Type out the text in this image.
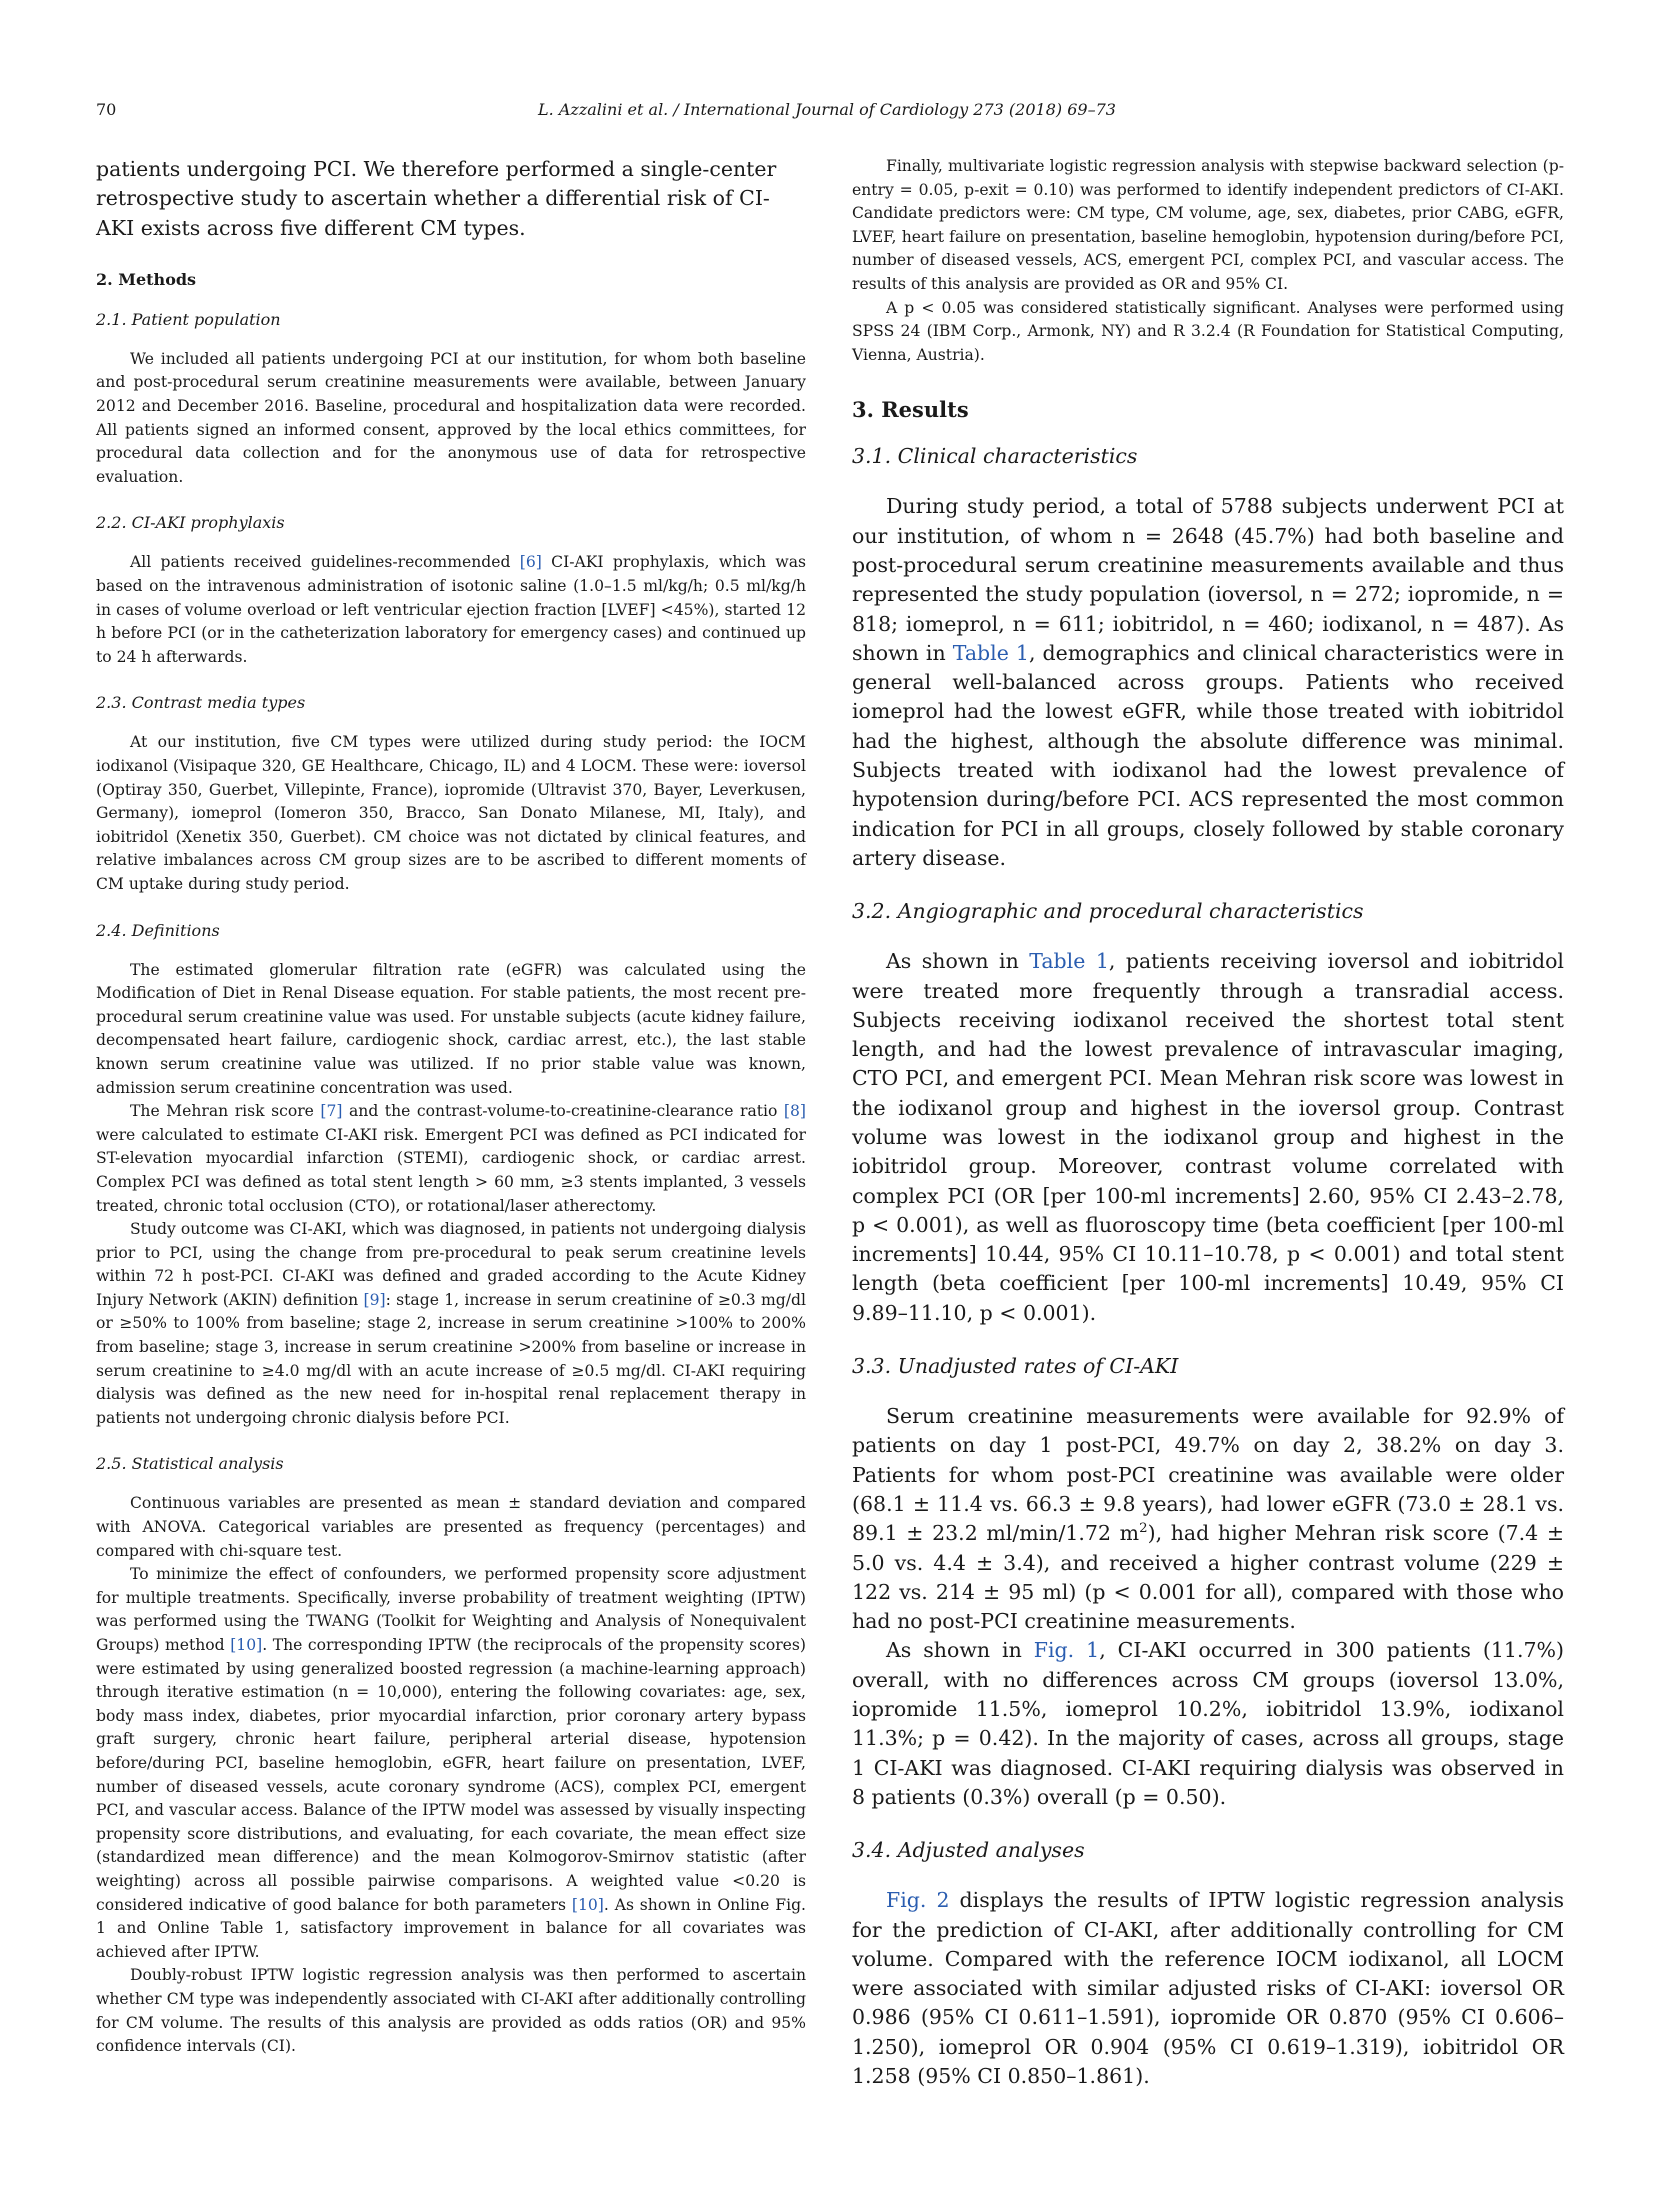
70	L. Azzalini et al. / International Journal of Cardiology 273 (2018) 69–73

patients undergoing PCI. We therefore performed a single-center retrospective study to ascertain whether a differential risk of CI-AKI exists across five different CM types.

2. Methods
2.1. Patient population

We included all patients undergoing PCI at our institution, for whom both baseline and post-procedural serum creatinine measurements were available, between January 2012 and December 2016. Baseline, procedural and hospitalization data were recorded. All patients signed an informed consent, approved by the local ethics committees, for procedural data collection and for the anonymous use of data for retrospective evaluation.

2.2. CI-AKI prophylaxis

All patients received guidelines-recommended [6] CI-AKI prophylaxis, which was based on the intravenous administration of isotonic saline (1.0–1.5 ml/kg/h; 0.5 ml/kg/h in cases of volume overload or left ventricular ejection fraction [LVEF] <45%), started 12 h before PCI (or in the catheterization laboratory for emergency cases) and continued up to 24 h afterwards.

2.3. Contrast media types

At our institution, five CM types were utilized during study period: the IOCM iodixanol (Visipaque 320, GE Healthcare, Chicago, IL) and 4 LOCM. These were: ioversol (Optiray 350, Guerbet, Villepinte, France), iopromide (Ultravist 370, Bayer, Leverkusen, Germany), iomeprol (Iomeron 350, Bracco, San Donato Milanese, MI, Italy), and iobitridol (Xenetix 350, Guerbet). CM choice was not dictated by clinical features, and relative imbalances across CM group sizes are to be ascribed to different moments of CM uptake during study period.

2.4. Definitions

The estimated glomerular filtration rate (eGFR) was calculated using the Modification of Diet in Renal Disease equation. For stable patients, the most recent pre-procedural serum creatinine value was used. For unstable subjects (acute kidney failure, decompensated heart failure, cardiogenic shock, cardiac arrest, etc.), the last stable known serum creatinine value was utilized. If no prior stable value was known, admission serum creatinine concentration was used.

The Mehran risk score [7] and the contrast-volume-to-creatinine-clearance ratio [8] were calculated to estimate CI-AKI risk. Emergent PCI was defined as PCI indicated for ST-elevation myocardial infarction (STEMI), cardiogenic shock, or cardiac arrest. Complex PCI was defined as total stent length > 60 mm, ≥3 stents implanted, 3 vessels treated, chronic total occlusion (CTO), or rotational/laser atherectomy.

Study outcome was CI-AKI, which was diagnosed, in patients not undergoing dialysis prior to PCI, using the change from pre-procedural to peak serum creatinine levels within 72 h post-PCI. CI-AKI was defined and graded according to the Acute Kidney Injury Network (AKIN) definition [9]: stage 1, increase in serum creatinine of ≥0.3 mg/dl or ≥50% to 100% from baseline; stage 2, increase in serum creatinine >100% to 200% from baseline; stage 3, increase in serum creatinine >200% from baseline or increase in serum creatinine to ≥4.0 mg/dl with an acute increase of ≥0.5 mg/dl. CI-AKI requiring dialysis was defined as the new need for in-hospital renal replacement therapy in patients not undergoing chronic dialysis before PCI.

2.5. Statistical analysis

Continuous variables are presented as mean ± standard deviation and compared with ANOVA. Categorical variables are presented as frequency (percentages) and compared with chi-square test.

To minimize the effect of confounders, we performed propensity score adjustment for multiple treatments. Specifically, inverse probability of treatment weighting (IPTW) was performed using the TWANG (Toolkit for Weighting and Analysis of Nonequivalent Groups) method [10]. The corresponding IPTW (the reciprocals of the propensity scores) were estimated by using generalized boosted regression (a machine-learning approach) through iterative estimation (n = 10,000), entering the following covariates: age, sex, body mass index, diabetes, prior myocardial infarction, prior coronary artery bypass graft surgery, chronic heart failure, peripheral arterial disease, hypotension before/during PCI, baseline hemoglobin, eGFR, heart failure on presentation, LVEF, number of diseased vessels, acute coronary syndrome (ACS), complex PCI, emergent PCI, and vascular access. Balance of the IPTW model was assessed by visually inspecting propensity score distributions, and evaluating, for each covariate, the mean effect size (standardized mean difference) and the mean Kolmogorov-Smirnov statistic (after weighting) across all possible pairwise comparisons. A weighted value <0.20 is considered indicative of good balance for both parameters [10]. As shown in Online Fig. 1 and Online Table 1, satisfactory improvement in balance for all covariates was achieved after IPTW.

Doubly-robust IPTW logistic regression analysis was then performed to ascertain whether CM type was independently associated with CI-AKI after additionally controlling for CM volume. The results of this analysis are provided as odds ratios (OR) and 95% confidence intervals (CI).

Finally, multivariate logistic regression analysis with stepwise backward selection (p-entry = 0.05, p-exit = 0.10) was performed to identify independent predictors of CI-AKI. Candidate predictors were: CM type, CM volume, age, sex, diabetes, prior CABG, eGFR, LVEF, heart failure on presentation, baseline hemoglobin, hypotension during/before PCI, number of diseased vessels, ACS, emergent PCI, complex PCI, and vascular access. The results of this analysis are provided as OR and 95% CI.

A p < 0.05 was considered statistically significant. Analyses were performed using SPSS 24 (IBM Corp., Armonk, NY) and R 3.2.4 (R Foundation for Statistical Computing, Vienna, Austria).

3. Results
3.1. Clinical characteristics

During study period, a total of 5788 subjects underwent PCI at our institution, of whom n = 2648 (45.7%) had both baseline and post-procedural serum creatinine measurements available and thus represented the study population (ioversol, n = 272; iopromide, n = 818; iomeprol, n = 611; iobitridol, n = 460; iodixanol, n = 487). As shown in Table 1, demographics and clinical characteristics were in general well-balanced across groups. Patients who received iomeprol had the lowest eGFR, while those treated with iobitridol had the highest, although the absolute difference was minimal. Subjects treated with iodixanol had the lowest prevalence of hypotension during/before PCI. ACS represented the most common indication for PCI in all groups, closely followed by stable coronary artery disease.

3.2. Angiographic and procedural characteristics

As shown in Table 1, patients receiving ioversol and iobitridol were treated more frequently through a transradial access. Subjects receiving iodixanol received the shortest total stent length, and had the lowest prevalence of intravascular imaging, CTO PCI, and emergent PCI. Mean Mehran risk score was lowest in the iodixanol group and highest in the ioversol group. Contrast volume was lowest in the iodixanol group and highest in the iobitridol group. Moreover, contrast volume correlated with complex PCI (OR [per 100-ml increments] 2.60, 95% CI 2.43–2.78, p < 0.001), as well as fluoroscopy time (beta coefficient [per 100-ml increments] 10.44, 95% CI 10.11–10.78, p < 0.001) and total stent length (beta coefficient [per 100-ml increments] 10.49, 95% CI 9.89–11.10, p < 0.001).

3.3. Unadjusted rates of CI-AKI

Serum creatinine measurements were available for 92.9% of patients on day 1 post-PCI, 49.7% on day 2, 38.2% on day 3. Patients for whom post-PCI creatinine was available were older (68.1 ± 11.4 vs. 66.3 ± 9.8 years), had lower eGFR (73.0 ± 28.1 vs. 89.1 ± 23.2 ml/min/1.72 $m^2$), had higher Mehran risk score (7.4 ± 5.0 vs. 4.4 ± 3.4), and received a higher contrast volume (229 ± 122 vs. 214 ± 95 ml) (p < 0.001 for all), compared with those who had no post-PCI creatinine measurements.

As shown in Fig. 1, CI-AKI occurred in 300 patients (11.7%) overall, with no differences across CM groups (ioversol 13.0%, iopromide 11.5%, iomeprol 10.2%, iobitridol 13.9%, iodixanol 11.3%; p = 0.42). In the majority of cases, across all groups, stage 1 CI-AKI was diagnosed. CI-AKI requiring dialysis was observed in 8 patients (0.3%) overall (p = 0.50).

3.4. Adjusted analyses

Fig. 2 displays the results of IPTW logistic regression analysis for the prediction of CI-AKI, after additionally controlling for CM volume. Compared with the reference IOCM iodixanol, all LOCM were associated with similar adjusted risks of CI-AKI: ioversol OR 0.986 (95% CI 0.611–1.591), iopromide OR 0.870 (95% CI 0.606–1.250), iomeprol OR 0.904 (95% CI 0.619–1.319), iobitridol OR 1.258 (95% CI 0.850–1.861).
